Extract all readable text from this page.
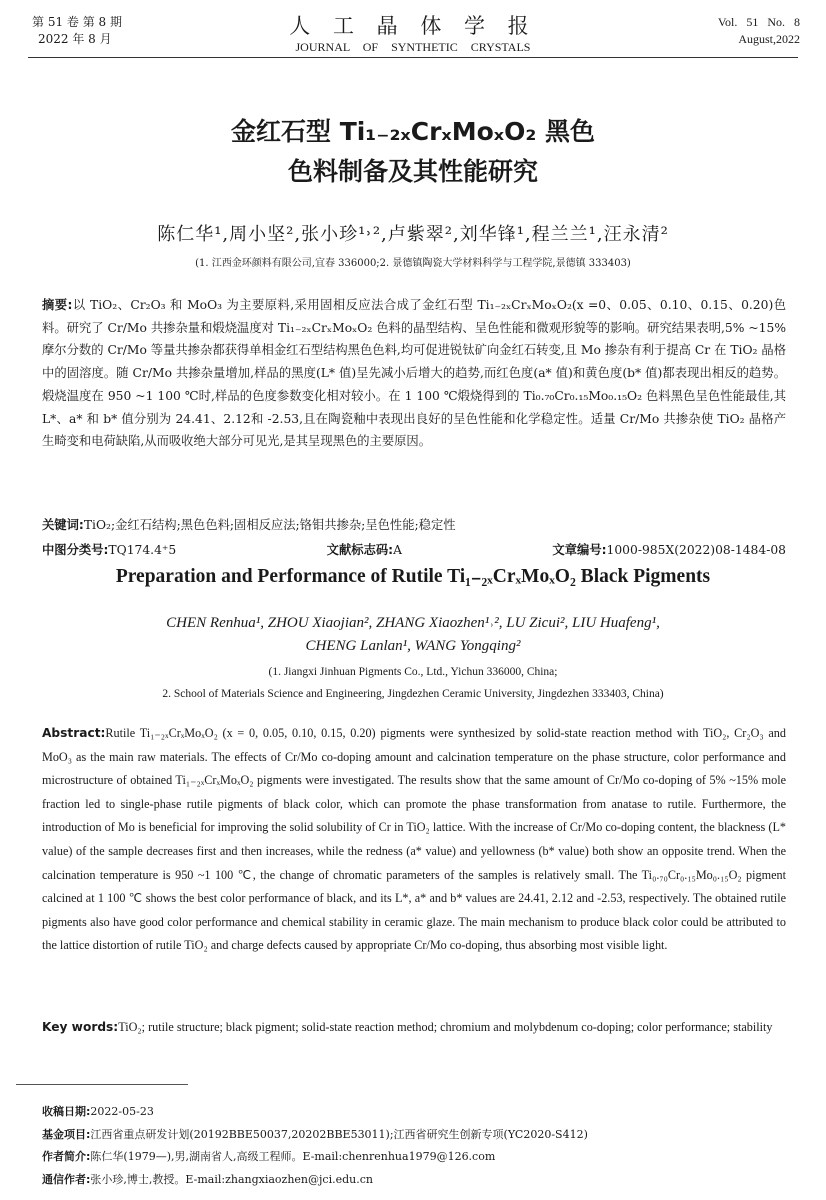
第 51 卷 第 8 期
2022 年 8 月
人 工 晶 体 学 报
JOURNAL OF SYNTHETIC CRYSTALS
Vol. 51 No. 8
August,2022
金红石型 Ti₁₋₂ₓCrₓMoₓO₂ 黑色
色料制备及其性能研究
陈仁华¹,周小坚²,张小珍¹˒²,卢紫翠²,刘华锋¹,程兰兰¹,汪永清²
(1. 江西金环颜料有限公司,宜春 336000;2. 景德镇陶瓷大学材料科学与工程学院,景德镇 333403)
摘要:以 TiO₂、Cr₂O₃ 和 MoO₃ 为主要原料,采用固相反应法合成了金红石型 Ti₁₋₂ₓCrₓMoₓO₂(x =0、0.05、0.10、0.15、0.20)色料。研究了 Cr/Mo 共掺杂量和煅烧温度对 Ti₁₋₂ₓCrₓMoₓO₂ 色料的晶型结构、呈色性能和微观形貌等的影响。研究结果表明,5% ~15% 摩尔分数的 Cr/Mo 等量共掺杂都获得单相金红石型结构黑色色料,均可促进锐钛矿向金红石转变,且 Mo 掺杂有利于提高 Cr 在 TiO₂ 晶格中的固溶度。随 Cr/Mo 共掺杂量增加,样品的黑度(L* 值)呈先减小后增大的趋势,而红色度(a* 值)和黄色度(b* 值)都表现出相反的趋势。煅烧温度在 950 ~1 100 ℃时,样品的色度参数变化相对较小。在 1 100 ℃煅烧得到的 Ti₀.₇₀Cr₀.₁₅Mo₀.₁₅O₂ 色料黑色呈色性能最佳,其 L*、a* 和 b* 值分别为 24.41、2.12和 -2.53,且在陶瓷釉中表现出良好的呈色性能和化学稳定性。适量 Cr/Mo 共掺杂使 TiO₂ 晶格产生畸变和电荷缺陷,从而吸收绝大部分可见光,是其呈现黑色的主要原因。
关键词:TiO₂;金红石结构;黑色色料;固相反应法;铬钼共掺杂;呈色性能;稳定性
中图分类号:TQ174.4⁺5	文献标志码:A	文章编号:1000-985X(2022)08-1484-08
Preparation and Performance of Rutile Ti₁₋₂ₓCrₓMoₓO₂ Black Pigments
CHEN Renhua¹, ZHOU Xiaojian², ZHANG Xiaozhen¹˒², LU Zicui², LIU Huafeng¹,
CHENG Lanlan¹, WANG Yongqing²
(1. Jiangxi Jinhuan Pigments Co., Ltd., Yichun 336000, China;
2. School of Materials Science and Engineering, Jingdezhen Ceramic University, Jingdezhen 333403, China)
Abstract:Rutile Ti₁₋₂ₓCrₓMoₓO₂ (x = 0, 0.05, 0.10, 0.15, 0.20) pigments were synthesized by solid-state reaction method with TiO₂, Cr₂O₃ and MoO₃ as the main raw materials. The effects of Cr/Mo co-doping amount and calcination temperature on the phase structure, color performance and microstructure of obtained Ti₁₋₂ₓCrₓMoₓO₂ pigments were investigated. The results show that the same amount of Cr/Mo co-doping of 5% ~15% mole fraction led to single-phase rutile pigments of black color, which can promote the phase transformation from anatase to rutile. Furthermore, the introduction of Mo is beneficial for improving the solid solubility of Cr in TiO₂ lattice. With the increase of Cr/Mo co-doping content, the blackness (L* value) of the sample decreases first and then increases, while the redness (a* value) and yellowness (b* value) both show an opposite trend. When the calcination temperature is 950 ~1 100 ℃, the change of chromatic parameters of the samples is relatively small. The Ti₀.₇₀Cr₀.₁₅Mo₀.₁₅O₂ pigment calcined at 1 100 ℃ shows the best color performance of black, and its L*, a* and b* values are 24.41, 2.12 and -2.53, respectively. The obtained rutile pigments also have good color performance and chemical stability in ceramic glaze. The main mechanism to produce black color could be attributed to the lattice distortion of rutile TiO₂ and charge defects caused by appropriate Cr/Mo co-doping, thus absorbing most visible light.
Key words:TiO₂; rutile structure; black pigment; solid-state reaction method; chromium and molybdenum co-doping; color performance; stability
收稿日期:2022-05-23
基金项目:江西省重点研发计划(20192BBE50037,20202BBE53011);江西省研究生创新专项(YC2020-S412)
作者简介:陈仁华(1979—),男,湖南省人,高级工程师。E-mail:chenrenhua1979@126.com
通信作者:张小珍,博士,教授。E-mail:zhangxiaozhen@jci.edu.cn
